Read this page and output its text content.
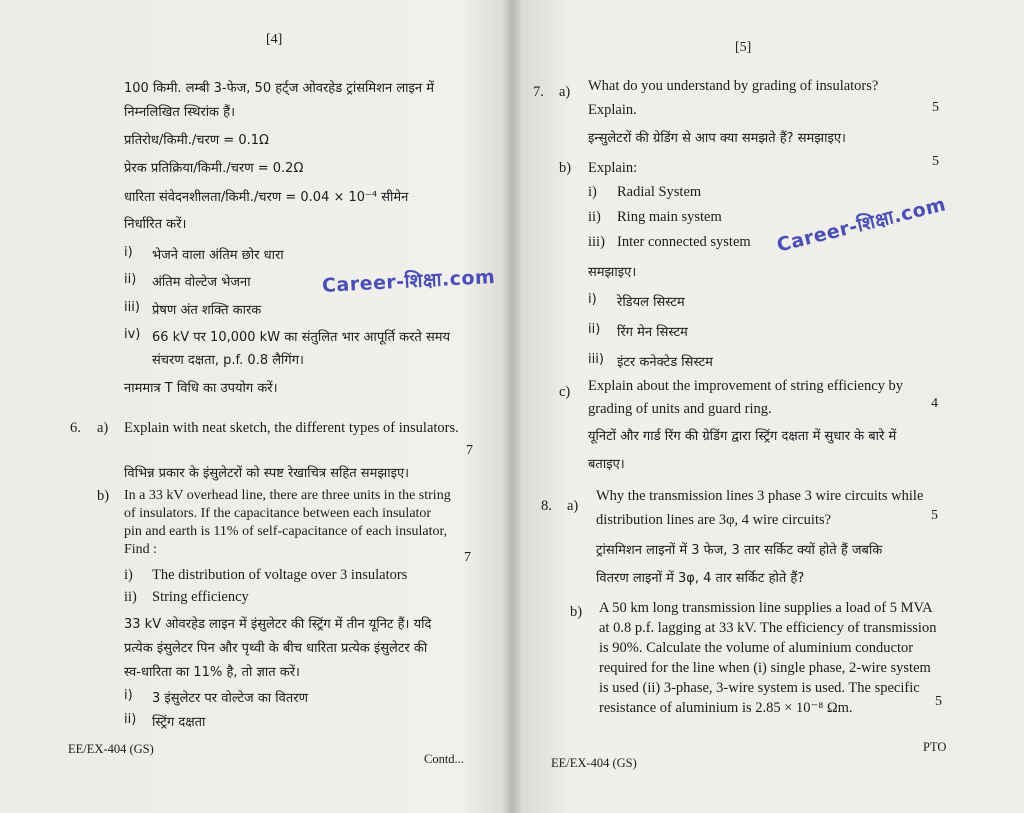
[4]
100 किमी. लम्बी 3-फेज, 50 हर्ट्ज ओवरहेड ट्रांसमिशन लाइन में
निम्नलिखित स्थिरांक हैं।
प्रतिरोध/किमी./चरण = 0.1Ω
प्रेरक प्रतिक्रिया/किमी./चरण = 0.2Ω
धारिता संवेदनशीलता/किमी./चरण = 0.04 × 10⁻⁴ सीमेन
निर्धारित करें।
i) भेजने वाला अंतिम छोर धारा
ii) अंतिम वोल्टेज भेजना
iii) प्रेषण अंत शक्ति कारक
iv) 66 kV पर 10,000 kW का संतुलित भार आपूर्ति करते समय
संचरण दक्षता, p.f. 0.8 लैगिंग।
नाममात्र T विधि का उपयोग करें।
Career-शिक्षा.com
6. a) Explain with neat sketch, the different types of insulators.
7
विभिन्न प्रकार के इंसुलेटरों को स्पष्ट रेखाचित्र सहित समझाइए।
b) In a 33 kV overhead line, there are three units in the string
of insulators. If the capacitance between each insulator
pin and earth is 11% of self-capacitance of each insulator,
Find :
7
i) The distribution of voltage over 3 insulators
ii) String efficiency
33 kV ओवरहेड लाइन में इंसुलेटर की स्ट्रिंग में तीन यूनिट हैं। यदि
प्रत्येक इंसुलेटर पिन और पृथ्वी के बीच धारिता प्रत्येक इंसुलेटर की
स्व-धारिता का 11% है, तो ज्ञात करें।
i) 3 इंसुलेटर पर वोल्टेज का वितरण
ii) स्ट्रिंग दक्षता
EE/EX-404 (GS)
Contd...
[5]
7. a) What do you understand by grading of insulators?
Explain.	5
इन्सुलेटरों की ग्रेडिंग से आप क्या समझते हैं? समझाइए।
b) Explain:	5
i) Radial System
ii) Ring main system
iii) Inter connected system
समझाइए।
i) रेडियल सिस्टम
ii) रिंग मेन सिस्टम
iii) इंटर कनेक्टेड सिस्टम
Career-शिक्षा.com
c) Explain about the improvement of string efficiency by
grading of units and guard ring.	4
यूनिटों और गार्ड रिंग की ग्रेडिंग द्वारा स्ट्रिंग दक्षता में सुधार के बारे में
बताइए।
8. a)
Why the transmission lines 3 phase 3 wire circuits while
distribution lines are 3φ, 4 wire circuits?	5
ट्रांसमिशन लाइनों में 3 फेज, 3 तार सर्किट क्यों होते हैं जबकि
वितरण लाइनों में 3φ, 4 तार सर्किट होते हैं?
b) A 50 km long transmission line supplies a load of 5 MVA
at 0.8 p.f. lagging at 33 kV. The efficiency of transmission
is 90%. Calculate the volume of aluminium conductor
required for the line when (i) single phase, 2-wire system
is used (ii) 3-phase, 3-wire system is used. The specific
resistance of aluminium is 2.85 × 10⁻⁸ Ωm.	5
EE/EX-404 (GS)
PTO
